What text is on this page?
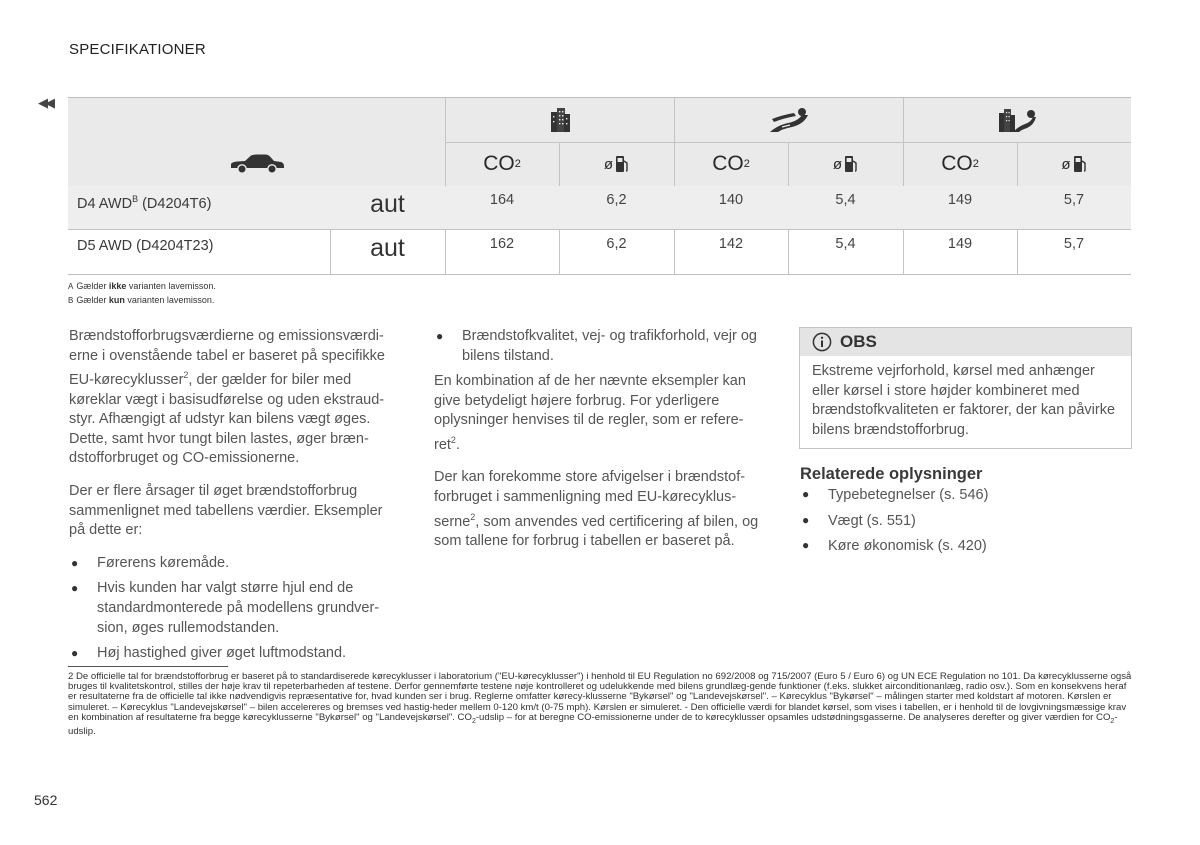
SPECIFIKATIONER
◀◀
CO 2	ø	CO 2	ø	CO 2	ø
D4 $AWD^B$ (D4204T6)	aut	164	6,2	140	5,4	149	5,7
D5 AWD (D4204T23)	aut	162	6,2	142	5,4	149	5,7
A Gælder ikke varianten lavemisson.
B Gælder kun varianten lavemisson.

Brændstofforbrugsværdierne og emissionsværdi-erne i ovenstående tabel er baseret på specifikke EU-kørecyklusser$^2$, der gælder for biler med køreklar vægt i basisudførelse og uden ekstraud-styr. Afhængigt af udstyr kan bilens vægt øges. Dette, samt hvor tungt bilen lastes, øger bræn-dstofforbruget og CO-emissionerne.

Der er flere årsager til øget brændstofforbrug sammenlignet med tabellens værdier. Eksempler på dette er:

● Førerens køremåde.
● Hvis kunden har valgt større hjul end de standardmonterede på modellens grundver-sion, øges rullemodstanden.
● Høj hastighed giver øget luftmodstand.
● Brændstofkvalitet, vej- og trafikforhold, vejr og bilens tilstand.

En kombination af de her nævnte eksempler kan give betydeligt højere forbrug. For yderligere oplysninger henvises til de regler, som er refere-ret$^2$.

Der kan forekomme store afvigelser i brændstof-forbruget i sammenligning med EU-kørecyklus-serne$^2$, som anvendes ved certificering af bilen, og som tallene for forbrug i tabellen er baseret på.

OBS
Ekstreme vejrforhold, kørsel med anhænger eller kørsel i store højder kombineret med brændstofkvaliteten er faktorer, der kan påvirke bilens brændstofforbrug.
Relaterede oplysninger
● Typebetegnelser (s. 546)
● Vægt (s. 551)
● Køre økonomisk (s. 420)
2 De officielle tal for brændstofforbrug er baseret på to standardiserede kørecyklusser i laboratorium ("EU-kørecyklusser") i henhold til EU Regulation no 692/2008 og 715/2007 (Euro 5 / Euro 6) og UN ECE Regulation no 101. Da kørecyklusserne også bruges til kvalitetskontrol, stilles der høje krav til repeterbarheden af testene. Derfor gennemførte testene nøje kontrolleret og udelukkende med bilens grundlæg-gende funktioner (f.eks. slukket airconditionanlæg, radio osv.). Som en konsekvens heraf er resultaterne fra de officielle tal ikke nødvendigvis repræsentative for, hvad kunden ser i brug. Reglerne omfatter kørecy-klusserne "Bykørsel" og "Landevejskørsel". – Kørecyklus "Bykørsel" – målingen starter med koldstart af motoren. Kørslen er simuleret. – Kørecyklus "Landevejskørsel" – bilen accelereres og bremses ved hastig-heder mellem 0-120 km/t (0-75 mph). Kørslen er simuleret. - Den officielle værdi for blandet kørsel, som vises i tabellen, er i henhold til de lovgivningsmæssige krav en kombination af resultaterne fra begge kørecyklusserne "Bykørsel" og "Landevejskørsel". $CO_2$-udslip – for at beregne CO-emissionerne under de to kørecyklusser opsamles udstødningsgasserne. De analyseres derefter og giver værdien for $CO_2$-udslip.
562
